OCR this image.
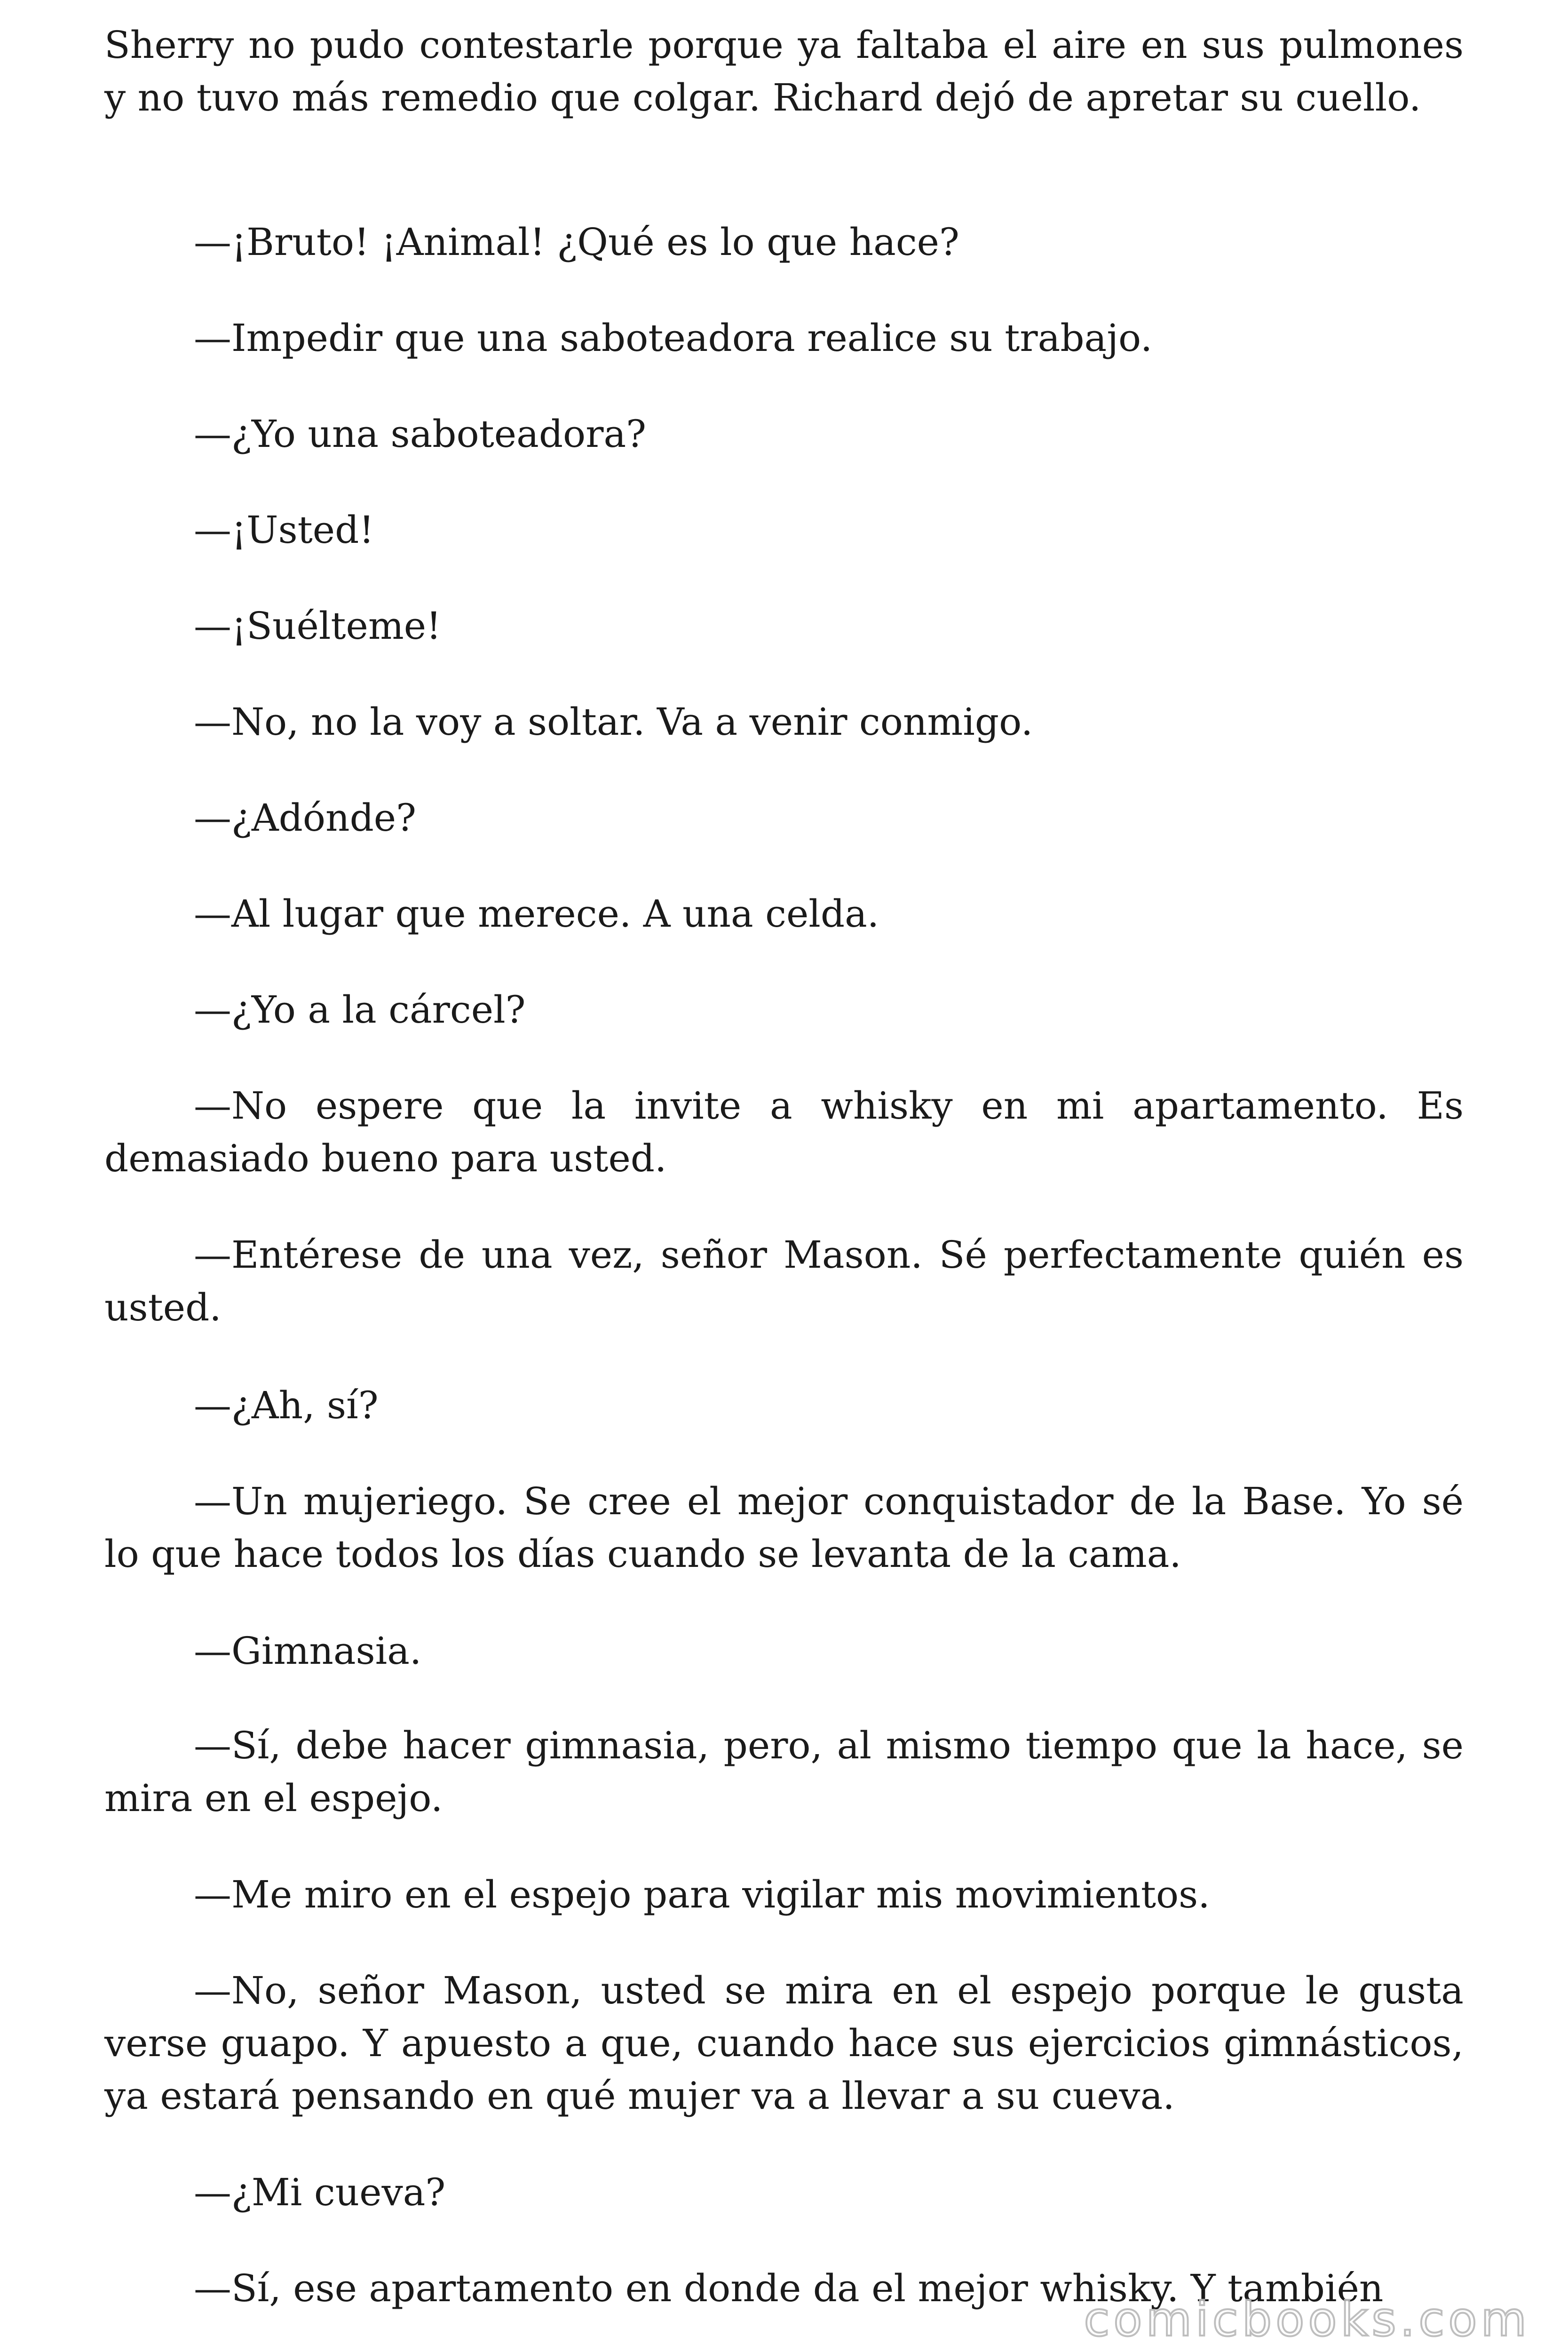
Sherry no pudo contestarle porque ya faltaba el aire en sus pulmones y no tuvo más remedio que colgar. Richard dejó de apretar su cuello.

—¡Bruto! ¡Animal! ¿Qué es lo que hace?

—Impedir que una saboteadora realice su trabajo.

—¿Yo una saboteadora?

—¡Usted!

—¡Suélteme!

—No, no la voy a soltar. Va a venir conmigo.

—¿Adónde?

—Al lugar que merece. A una celda.

—¿Yo a la cárcel?

—No espere que la invite a whisky en mi apartamento. Es demasiado bueno para usted.

—Entérese de una vez, señor Mason. Sé perfectamente quién es usted.

—¿Ah, sí?

—Un mujeriego. Se cree el mejor conquistador de la Base. Yo sé lo que hace todos los días cuando se levanta de la cama.

—Gimnasia.

—Sí, debe hacer gimnasia, pero, al mismo tiempo que la hace, se mira en el espejo.

—Me miro en el espejo para vigilar mis movimientos.

—No, señor Mason, usted se mira en el espejo porque le gusta verse guapo. Y apuesto a que, cuando hace sus ejercicios gimnásticos, ya estará pensando en qué mujer va a llevar a su cueva.

—¿Mi cueva?

—Sí, ese apartamento en donde da el mejor whisky. Y también

comicbooks.com
